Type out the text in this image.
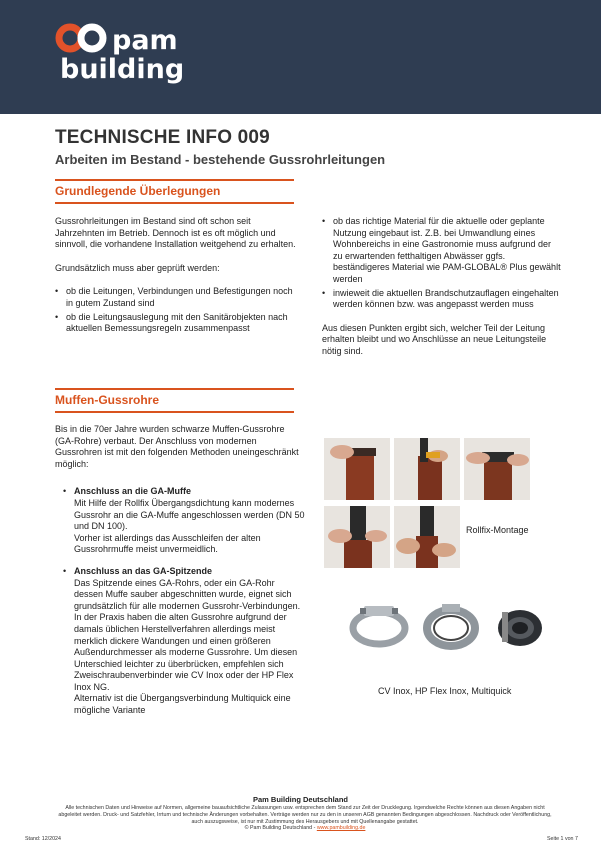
pam
building
TECHNISCHE INFO 009
Arbeiten im Bestand - bestehende Gussrohrleitungen
Grundlegende Überlegungen
Gussrohrleitungen im Bestand sind oft schon seit Jahrzehnten im Betrieb. Dennoch ist es oft möglich und sinnvoll, die vorhandene Installation weitgehend zu erhalten.
Grundsätzlich muss aber geprüft werden:
• ob die Leitungen, Verbindungen und Befestigungen noch in gutem Zustand sind
• ob die Leitungsauslegung mit den Sanitärobjekten nach aktuellen Bemessungsregeln zusammenpasst
• ob das richtige Material für die aktuelle oder geplante Nutzung eingebaut ist. Z.B. bei Umwandlung eines Wohnbereichs in eine Gastronomie muss aufgrund der zu erwartenden fetthaltigen Abwässer ggfs. beständigeres Material wie PAM-GLOBAL® Plus gewählt werden
• inwieweit die aktuellen Brandschutzauflagen eingehalten werden können bzw. was angepasst werden muss
Aus diesen Punkten ergibt sich, welcher Teil der Leitung erhalten bleibt und wo Anschlüsse an neue Leitungsteile nötig sind.
Muffen-Gussrohre
Bis in die 70er Jahre wurden schwarze Muffen-Gussrohre (GA-Rohre) verbaut. Der Anschluss von modernen Gussrohren ist mit den folgenden Methoden uneingeschränkt möglich:
• Anschluss an die GA-Muffe
Mit Hilfe der Rollfix Übergangsdichtung kann modernes Gussrohr an die GA-Muffe angeschlossen werden (DN 50 und DN 100).
Vorher ist allerdings das Ausschleifen der alten Gussrohrmuffe meist unvermeidlich.
• Anschluss an das GA-Spitzende
Das Spitzende eines GA-Rohrs, oder ein GA-Rohr dessen Muffe sauber abgeschnitten wurde, eignet sich grundsätzlich für alle modernen Gussrohr-Verbindungen.
In der Praxis haben die alten Gussrohre aufgrund der damals üblichen Herstellverfahren allerdings meist merklich dickere Wandungen und einen größeren Außendurchmesser als moderne Gussrohre. Um diesen Unterschied leichter zu überbrücken, empfehlen sich Zweischraubenverbinder wie CV Inox oder der HP Flex Inox NG.
Alternativ ist die Übergangsverbindung Multiquick eine mögliche Variante
Rollfix-Montage
CV Inox, HP Flex Inox, Multiquick
Pam Building Deutschland
Alle technischen Daten und Hinweise auf Normen, allgemeine bauaufsichtliche Zulassungen usw. entsprechen dem Stand zur Zeit der Drucklegung. Irgendwelche Rechte können aus diesen Angaben nicht abgeleitet werden. Druck- und Satzfehler, Irrtum und technische Änderungen vorbehalten. Verträge werden nur zu den in unseren AGB genannten Bedingungen abgeschlossen. Nachdruck oder Veröffentlichung, auch auszugsweise, ist nur mit Zustimmung des Herausgebers und mit Quellenangabe gestattet.
© Pam Building Deutschland - www.pambuilding.de
Stand: 12/2024	Seite 1 von 7
